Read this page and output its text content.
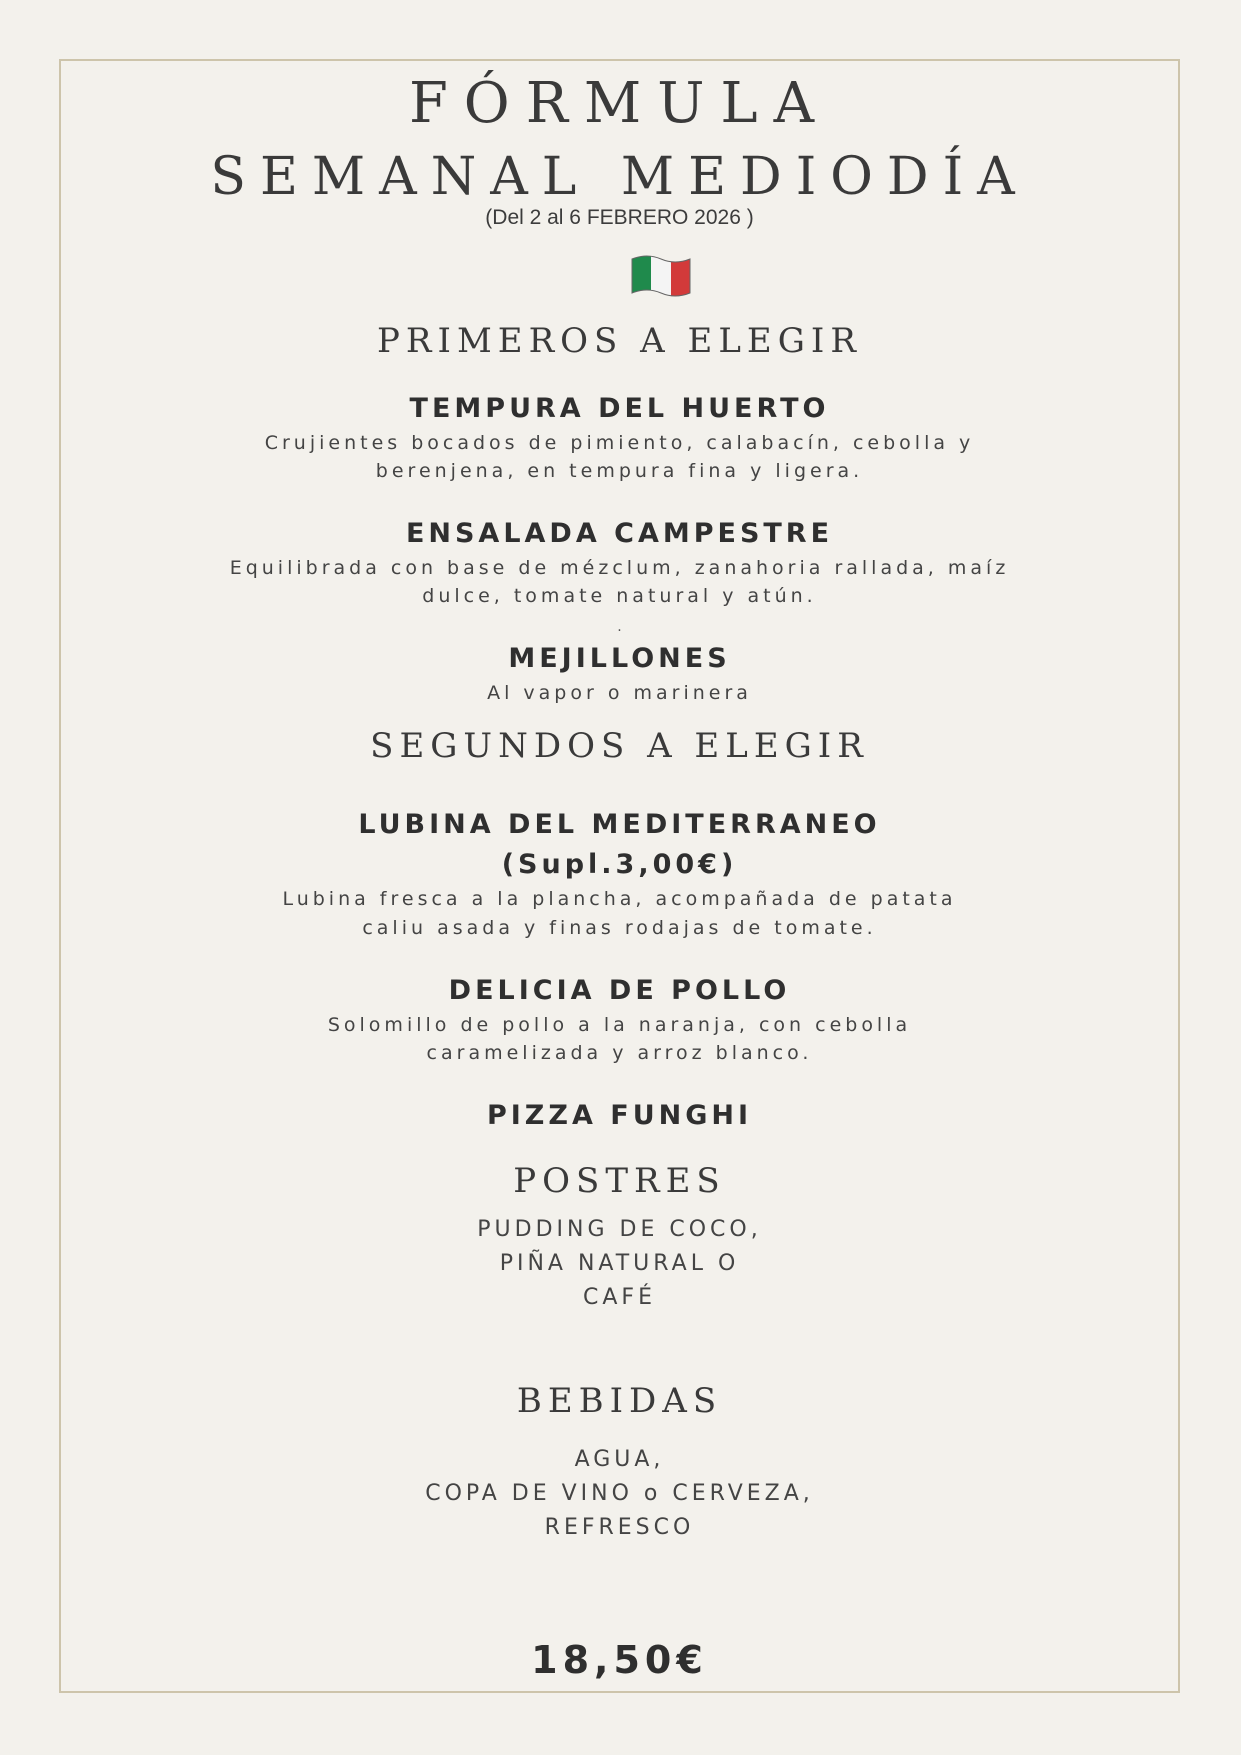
FÓRMULA
SEMANAL MEDIODÍA

(Del 2 al 6 FEBRERO 2026 )

PRIMEROS A ELEGIR

TEMPURA DEL HUERTO

Crujientes bocados de pimiento, calabacín, cebolla y

berenjena, en tempura fina y ligera.

ENSALADA CAMPESTRE

Equilibrada con base de mézclum, zanahoria rallada, maíz

dulce, tomate natural y atún.

.

MEJILLONES

Al vapor o marinera

SEGUNDOS A ELEGIR

LUBINA DEL MEDITERRANEO

(Supl.3,00€)

Lubina fresca a la plancha, acompañada de patata

caliu asada y finas rodajas de tomate.

DELICIA DE POLLO

Solomillo de pollo a la naranja, con cebolla

caramelizada y arroz blanco.

PIZZA FUNGHI

POSTRES

PUDDING DE COCO,

PIÑA NATURAL O

CAFÉ

BEBIDAS

AGUA,

COPA DE VINO o CERVEZA,

REFRESCO

18,50€
